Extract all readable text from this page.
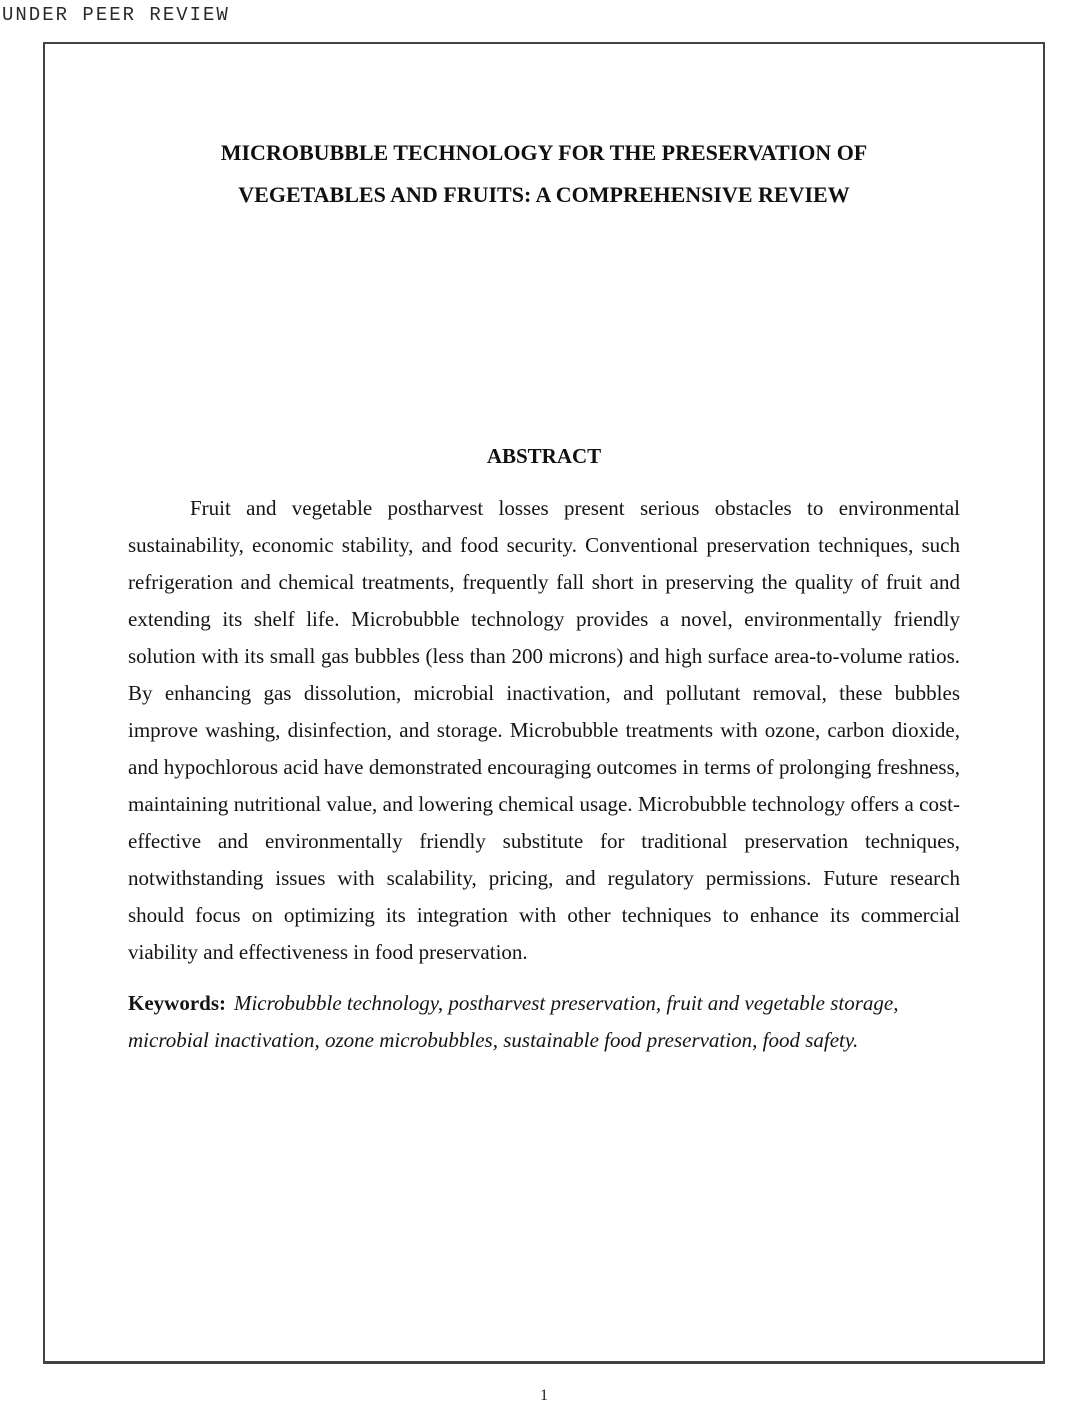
UNDER PEER REVIEW
MICROBUBBLE TECHNOLOGY FOR THE PRESERVATION OF
VEGETABLES AND FRUITS: A COMPREHENSIVE REVIEW
ABSTRACT

Fruit and vegetable postharvest losses present serious obstacles to environmental sustainability, economic stability, and food security. Conventional preservation techniques, such refrigeration and chemical treatments, frequently fall short in preserving the quality of fruit and extending its shelf life. Microbubble technology provides a novel, environmentally friendly solution with its small gas bubbles (less than 200 microns) and high surface area-to-volume ratios. By enhancing gas dissolution, microbial inactivation, and pollutant removal, these bubbles improve washing, disinfection, and storage. Microbubble treatments with ozone, carbon dioxide, and hypochlorous acid have demonstrated encouraging outcomes in terms of prolonging freshness, maintaining nutritional value, and lowering chemical usage. Microbubble technology offers a cost-effective and environmentally friendly substitute for traditional preservation techniques, notwithstanding issues with scalability, pricing, and regulatory permissions. Future research should focus on optimizing its integration with other techniques to enhance its commercial viability and effectiveness in food preservation.

Keywords: Microbubble technology, postharvest preservation, fruit and vegetable storage, microbial inactivation, ozone microbubbles, sustainable food preservation, food safety.

1
